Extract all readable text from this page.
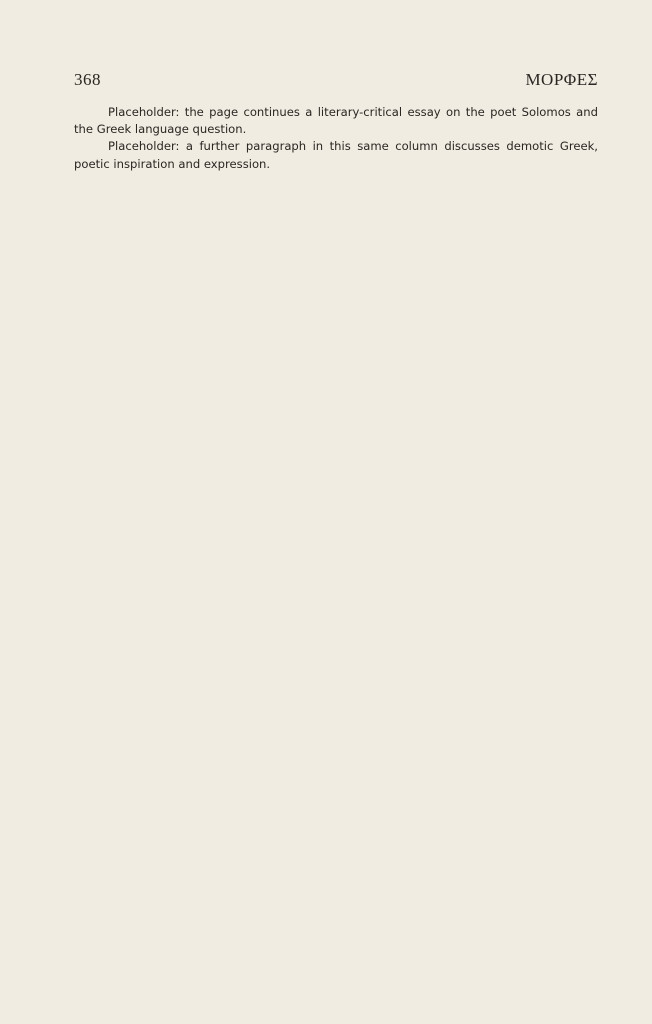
368	ΜΟΡΦΕΣ

Placeholder: the page continues a literary-critical essay on the poet Solomos and the Greek language question.

Placeholder: a further paragraph in this same column discusses demotic Greek, poetic inspiration and expression.
